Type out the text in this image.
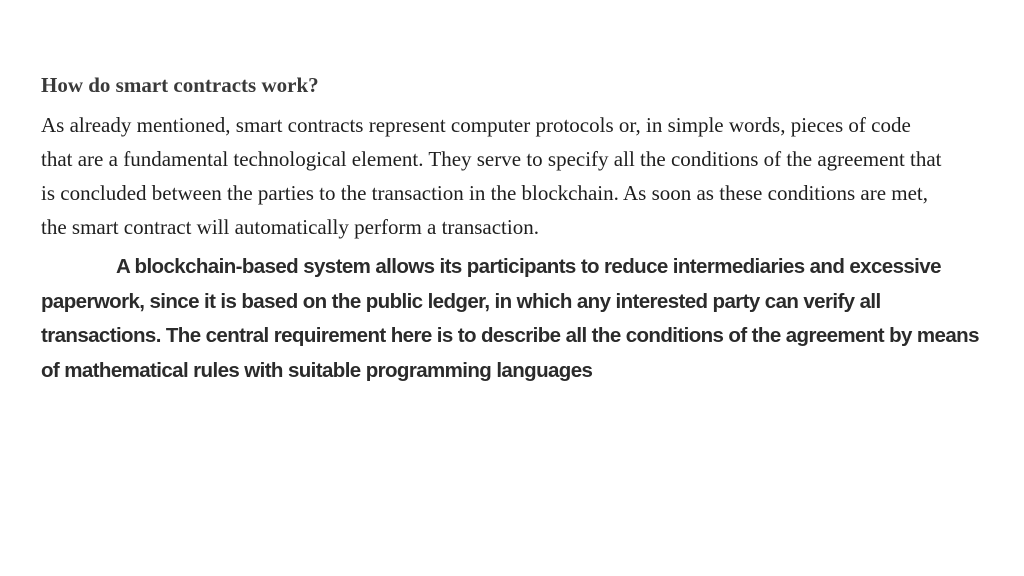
How do smart contracts work?

As already mentioned, smart contracts represent computer protocols or, in simple words, pieces of code that are a fundamental technological element. They serve to specify all the conditions of the agreement that is concluded between the parties to the transaction in the blockchain. As soon as these conditions are met, the smart contract will automatically perform a transaction.

A blockchain-based system allows its participants to reduce intermediaries and excessive paperwork, since it is based on the public ledger, in which any interested party can verify all transactions. The central requirement here is to describe all the conditions of the agreement by means of mathematical rules with suitable programming languages
